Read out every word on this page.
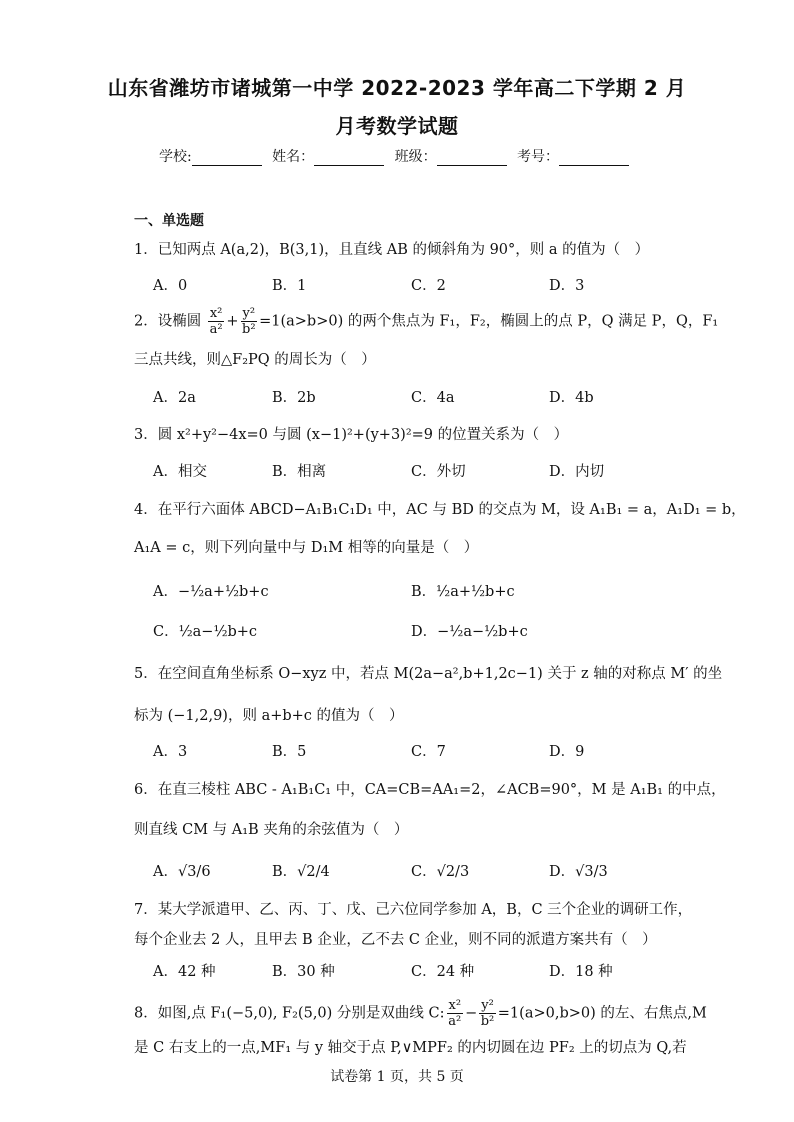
山东省潍坊市诸城第一中学 2022-2023 学年高二下学期 2 月
月考数学试题
学校:	姓名：	班级：	考号：
一、单选题
1．已知两点 A(a,2)，B(3,1)，且直线 AB 的倾斜角为 90°，则 a 的值为（　）
A．0	B．1	C．2	D．3
2．设椭圆 $\frac{\text{x²}}{\text{a²}} + \frac{\text{y²}}{\text{b²}} =1(a>b>0)$ 的两个焦点为 F₁，F₂，椭圆上的点 P，Q 满足 P，Q，F₁
三点共线，则△F₂PQ 的周长为（　）
A．2a	B．2b	C．4a	D．4b
3．圆 x²+y²−4x=0 与圆 (x−1)²+(y+3)²=9 的位置关系为（　）
A．相交	B．相离	C．外切	D．内切
4．在平行六面体 ABCD−A₁B₁C₁D₁ 中，AC 与 BD 的交点为 M，设 A₁B₁ = a，A₁D₁ = b，
A₁A = c，则下列向量中与 D₁M 相等的向量是（　）
A．−½a+½b+c	B．½a+½b+c
C．½a−½b+c	D．−½a−½b+c
5．在空间直角坐标系 O−xyz 中，若点 M(2a−a²,b+1,2c−1) 关于 z 轴的对称点 M′ 的坐
标为 (−1,2,9)，则 a+b+c 的值为（　）
A．3	B．5	C．7	D．9
6．在直三棱柱 ABC - A₁B₁C₁ 中，CA=CB=AA₁=2，∠ACB=90°，M 是 A₁B₁ 的中点，
则直线 CM 与 A₁B 夹角的余弦值为（　）
A．√3/6	B．√2/4	C．√2/3	D．√3/3
7．某大学派遣甲、乙、丙、丁、戊、己六位同学参加 A，B，C 三个企业的调研工作，
每个企业去 2 人，且甲去 B 企业，乙不去 C 企业，则不同的派遣方案共有（　）
A．42 种	B．30 种	C．24 种	D．18 种
8．如图,点 F₁(−5,0), F₂(5,0) 分别是双曲线 C: $\frac{\text{x²}}{\text{a²}} - \frac{\text{y²}}{\text{b²}} =1(a>0,b>0)$ 的左、右焦点,M
是 C 右支上的一点,MF₁ 与 y 轴交于点 P,∨MPF₂ 的内切圆在边 PF₂ 上的切点为 Q,若
试卷第 1 页，共 5 页
